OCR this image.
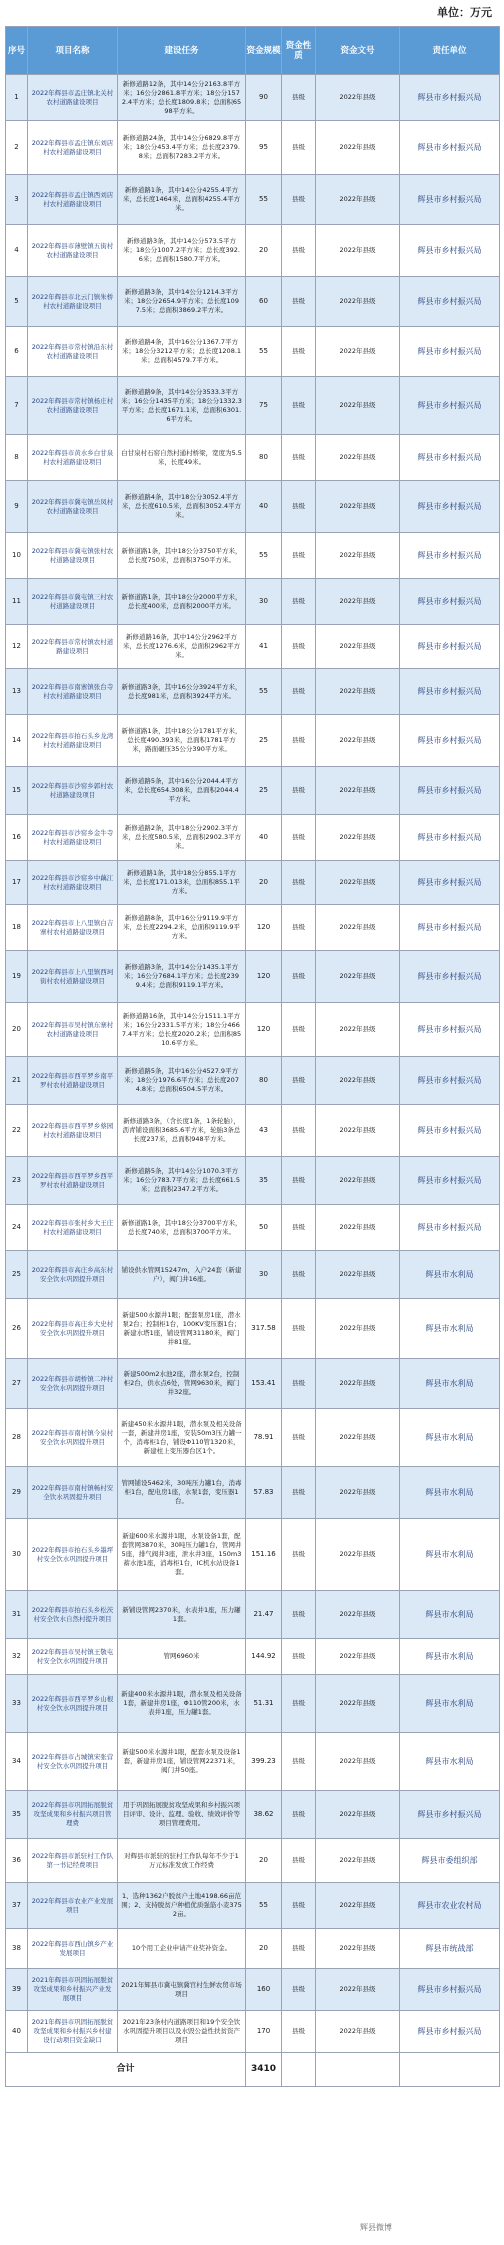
单位：万元
序号	项目名称	建设任务	资金规模	资金性质	资金文号	责任单位
1	2022年辉县市孟庄镇北关村农村道路建设项目	新修道路12条，其中14公分2163.8平方米；16公分2861.8平方米；18公分1572.4平方米；总长度1809.8米；总面积6598平方米。	90	县级	2022年县级	辉县市乡村振兴局
2	2022年辉县市孟庄镇东刘店村农村道路建设项目	新修道路24条，其中14公分6829.8平方米；18公分453.4平方米；总长度2379.8米；总面积7283.2平方米。	95	县级	2022年县级	辉县市乡村振兴局
3	2022年辉县市孟庄镇西刘店村农村道路建设项目	新修道路1条，其中14公分4255.4平方米，总长度1464米，总面积4255.4平方米。	55	县级	2022年县级	辉县市乡村振兴局
4	2022年辉县市薄壁镇五街村农村道路建设项目	新修道路3条，其中14公分573.5平方米；18公分1007.2平方米；总长度392.6米；总面积1580.7平方米。	20	县级	2022年县级	辉县市乡村振兴局
5	2022年辉县市北云门镇朱桥村农村道路建设项目	新修道路3条，其中14公分1214.3平方米；18公分2654.9平方米；总长度1097.5米；总面积3869.2平方米。	60	县级	2022年县级	辉县市乡村振兴局
6	2022年辉县市常村镇沿东村农村道路建设项目	新修道路4条，其中16公分1367.7平方米；18公分3212平方米；总长度1208.1米；总面积4579.7平方米。	55	县级	2022年县级	辉县市乡村振兴局
7	2022年辉县市常村镇杨庄村农村道路建设项目	新修道路9条，其中14公分3533.3平方米；16公分1435平方米；18公分1332.3平方米；总长度1671.1米，总面积6301.6平方米。	75	县级	2022年县级	辉县市乡村振兴局
8	2022年辉县市黄水乡白甘泉村农村道路建设项目	白甘泉村石窑自然村通村桥梁，宽度为5.5米，长度49米。	80	县级	2022年县级	辉县市乡村振兴局
9	2022年辉县市冀屯镇岳凤村农村道路建设项目	新修道路4条，其中18公分3052.4平方米，总长度610.5米，总面积3052.4平方米。	40	县级	2022年县级	辉县市乡村振兴局
10	2022年辉县市冀屯镇张村农村道路建设项目	新修道路1条，其中18公分3750平方米，总长度750米，总面积3750平方米。	55	县级	2022年县级	辉县市乡村振兴局
11	2022年辉县市冀屯镇三村农村道路建设项目	新修道路1条，其中18公分2000平方米，总长度400米，总面积2000平方米。	30	县级	2022年县级	辉县市乡村振兴局
12	2022年辉县市常村镇农村道路建设项目	新修道路16条，其中14公分2962平方米，总长度1276.6米，总面积2962平方米。	41	县级	2022年县级	辉县市乡村振兴局
13	2022年辉县市南寨镇张台寺村农村道路建设项目	新修道路3条，其中16公分3924平方米，总长度981米，总面积3924平方米。	55	县级	2022年县级	辉县市乡村振兴局
14	2022年辉县市拍石头乡龙湾村农村道路建设项目	新修道路1条，其中18公分1781平方米，总长度490.393米，总面积1781平方米，路面碾压35公分390平方米。	25	县级	2022年县级	辉县市乡村振兴局
15	2022年辉县市沙窑乡郭村农村道路建设项目	新修道路5条，其中16公分2044.4平方米，总长度654.308米，总面积2044.4平方米。	25	县级	2022年县级	辉县市乡村振兴局
16	2022年辉县市沙窑乡金牛寺村农村道路建设项目	新修道路2条，其中18公分2902.3平方米，总长度580.5米，总面积2902.3平方米。	40	县级	2022年县级	辉县市乡村振兴局
17	2022年辉县市沙窑乡中藕江村农村道路建设项目	新修道路1条，其中18公分855.1平方米，总长度171.013米，总面积855.1平方米。	20	县级	2022年县级	辉县市乡村振兴局
18	2022年辉县市上八里镇白吉寨村农村道路建设项目	新修道路8条，其中16公分9119.9平方米，总长度2294.2米，总面积9119.9平方米。	120	县级	2022年县级	辉县市乡村振兴局
19	2022年辉县市上八里镇西珂街村农村道路建设项目	新修道路3条，其中14公分1435.1平方米；16公分7684.1平方米；总长度2399.4米；总面积9119.1平方米。	120	县级	2022年县级	辉县市乡村振兴局
20	2022年辉县市吴村镇东寨村农村道路建设项目	新修道路16条，其中14公分1511.1平方米；16公分2331.5平方米；18公分4667.4平方米；总长度2020.2米；总面积8510.6平方米。	120	县级	2022年县级	辉县市乡村振兴局
21	2022年辉县市西平罗乡南平罗村农村道路建设项目	新修道路5条，其中16公分4527.9平方米；18公分1976.6平方米；总长度2074.8米；总面积6504.5平方米。	80	县级	2022年县级	辉县市乡村振兴局
22	2022年辉县市西平罗乡蔡园村农村道路建设项目	新修道路3条，（含长度1条，1条轮胎），沥青铺设面积3685.6平方米，轮胎3条总长度237米，总面积948平方米。	43	县级	2022年县级	辉县市乡村振兴局
23	2022年辉县市西平罗乡西平罗村农村道路建设项目	新修道路5条，其中14公分1070.3平方米；16公分783.7平方米；总长度661.5米；总面积2347.2平方米。	35	县级	2022年县级	辉县市乡村振兴局
24	2022年辉县市张村乡大王庄村农村道路建设项目	新修道路1条，其中18公分3700平方米，总长度740米，总面积3700平方米。	50	县级	2022年县级	辉县市乡村振兴局
25	2022年辉县市高庄乡高东村安全饮水巩固提升项目	铺设供水管网15247m，入户24套（新建户），阀门井16座。	30	县级	2022年县级	辉县市水利局
26	2022年辉县市高庄乡大史村安全饮水巩固提升项目	新建500水源井1眼；配套泵房1座，潜水泵2台；控制柜1台，100KV变压器1台；新建水塔1座，铺设管网31180米，阀门井81座。	317.58	县级	2022年县级	辉县市水利局
27	2022年辉县市胡桥镇二冲村安全饮水巩固提升项目	新建500m2水池2座，潜水泵2台，控制柜2台，供水点6处，管网9630米，阀门井32座。	153.41	县级	2022年县级	辉县市水利局
28	2022年辉县市南村镇今泉村安全饮水巩固提升项目	新建450米水源井1眼，潜水泵及相关设备一套，新建井房1座，安装50m3压力罐一个，消毒柜1台，铺设Φ110管1320米，新建柱上变压器台区1个。	78.91	县级	2022年县级	辉县市水利局
29	2022年辉县市南村镇畅村安全饮水巩固提升项目	管网铺设5462米，30吨压力罐1台，消毒柜1台，配电房1座，水泵1套，变压器1台。	57.83	县级	2022年县级	辉县市水利局
30	2022年辉县市拍石头乡墨坪村安全饮水巩固提升项目	新建600米水源井1眼，水泵设备1套，配套管网3870米，30吨压力罐1台，管网井5座，排气阀井3座，泄水井3座，150m3蓄水池1座，消毒柜1台，IC机水站设备1套。	151.16	县级	2022年县级	辉县市水利局
31	2022年辉县市拍石头乡松茨村安全饮水自然村提升项目	新铺设管网2370米，水表井1座，压力罐1套。	21.47	县级	2022年县级	辉县市水利局
32	2022年辉县市吴村镇王敬屯村安全饮水巩固提升项目	管网6960米	144.92	县级	2022年县级	辉县市水利局
33	2022年辉县市西平罗乡山根村安全饮水巩固提升项目	新建400米水源井1眼，潜水泵及相关设备1套，新建井房1座，Φ110管200米，水表井1座，压力罐1套。	51.31	县级	2022年县级	辉县市水利局
34	2022年辉县市占城镇宋张营村安全饮水巩固提升项目	新建500米水源井1眼，配套水泵及设备1套，新建井房1座，铺设管网22371米，阀门井50座。	399.23	县级	2022年县级	辉县市水利局
35	2022年辉县市巩固拓展脱贫攻坚成果和乡村振兴项目管理费	用于巩固拓展脱贫攻坚成果和乡村振兴项目评审、设计、监理、验收、绩效评价等项目管理费用。	38.62	县级	2022年县级	辉县市乡村振兴局
36	2022年辉县市派驻村工作队第一书记经费项目	对辉县市派驻的驻村工作队每年不少于1万元标准发放工作经费	20	县级	2022年县级	辉县市委组织部
37	2022年辉县市农业产业发展项目	1、选种1362户脱贫户土地4198.66亩范围；2、支持脱贫户种植优质强筋小麦3752亩。	55	县级	2022年县级	辉县市农业农村局
38	2022年辉县市西山镇乡产业发展项目	10个用工企业申请产业奖补资金。	20	县级	2022年县级	辉县市统战部
39	2021年辉县市巩固拓展脱贫攻坚成果和乡村振兴产业发展项目	2021年辉县市冀屯镇冀官村生鲜农贸市场项目	160	县级	2022年县级	辉县市乡村振兴局
40	2021年辉县市巩固拓展脱贫攻坚成果和乡村振兴乡村建设行动项目资金缺口	2021年23条村内道路项目和19个安全饮水巩固提升项目以及水毁公益性扶贫资产项目	170	县级	2022年县级	辉县市乡村振兴局
合计			3410			
辉县微博
